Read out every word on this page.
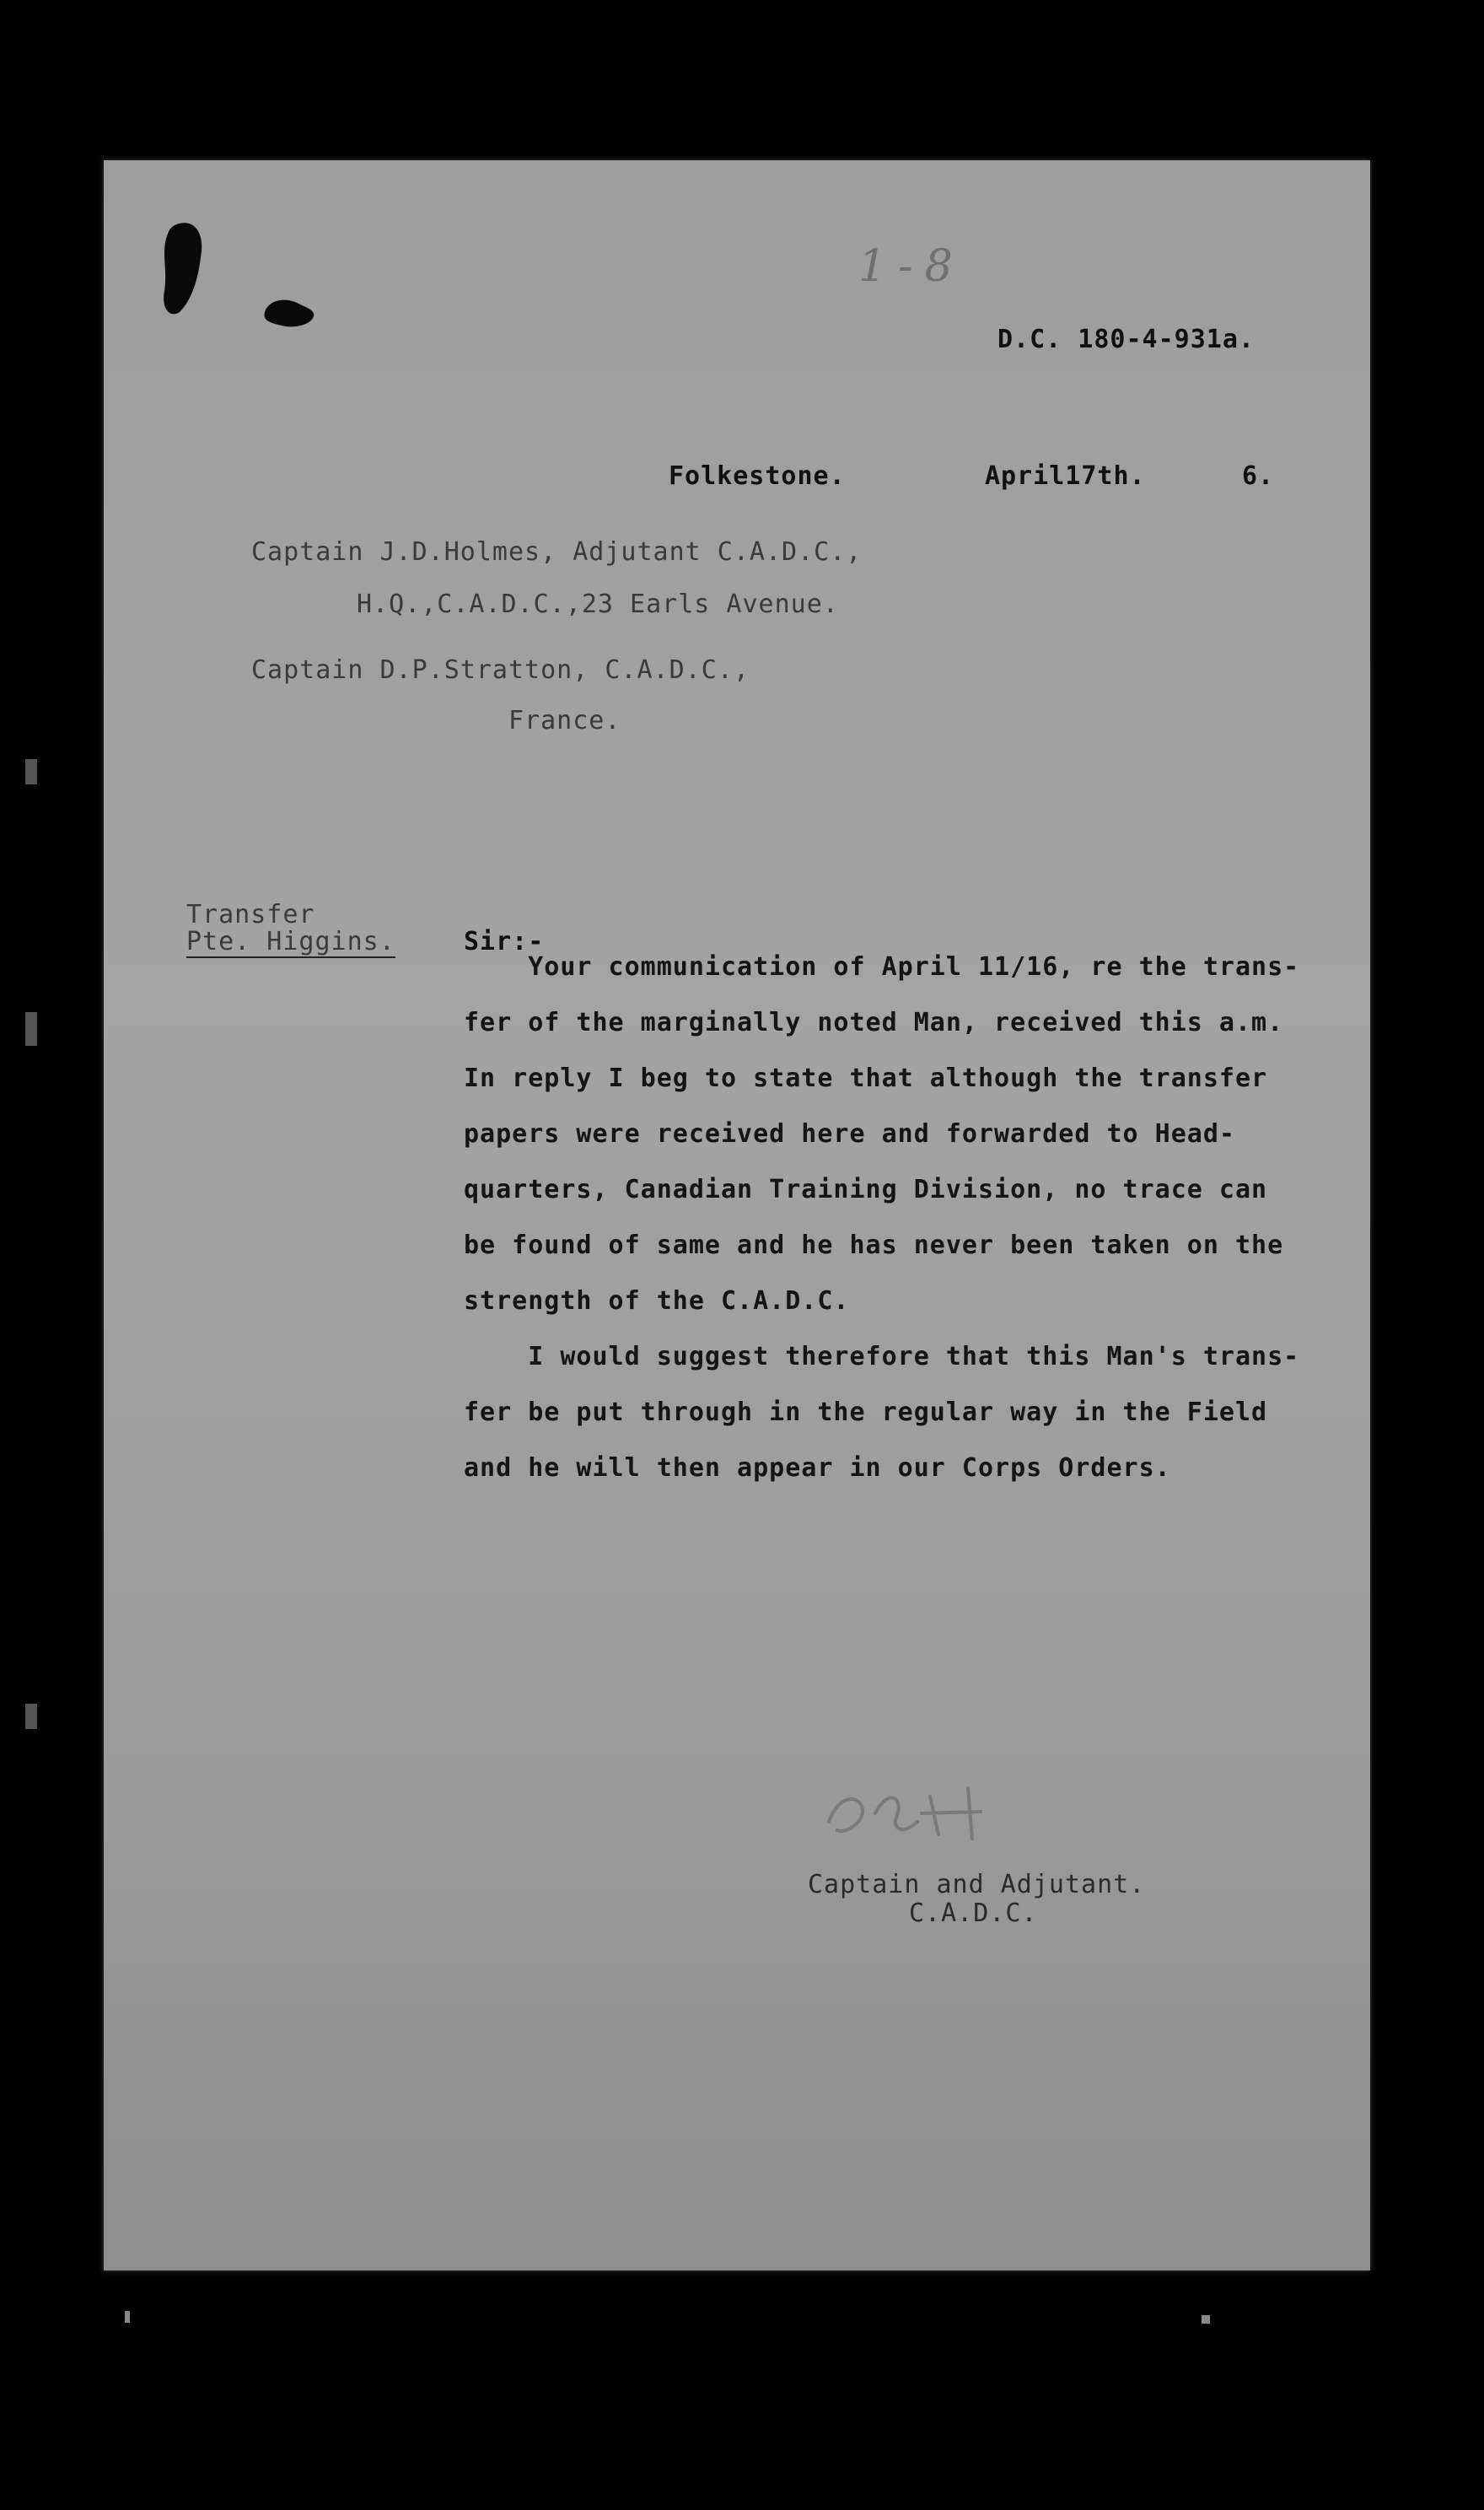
1-8
D.C. 180-4-931a.
Folkestone.	April17th.	6.
Captain J.D.Holmes, Adjutant C.A.D.C.,
H.Q.,C.A.D.C.,23 Earls Avenue.
Captain D.P.Stratton, C.A.D.C.,
France.
Transfer
Pte. Higgins.	Sir:-
Your communication of April 11/16, re the trans-
fer of the marginally noted Man, received this a.m.
In reply I beg to state that although the transfer
papers were received here and forwarded to Head-
quarters, Canadian Training Division, no trace can
be found of same and he has never been taken on the
strength of the C.A.D.C.
I would suggest therefore that this Man's trans-
fer be put through in the regular way in the Field
and he will then appear in our Corps Orders.
Captain and Adjutant.
C.A.D.C.
